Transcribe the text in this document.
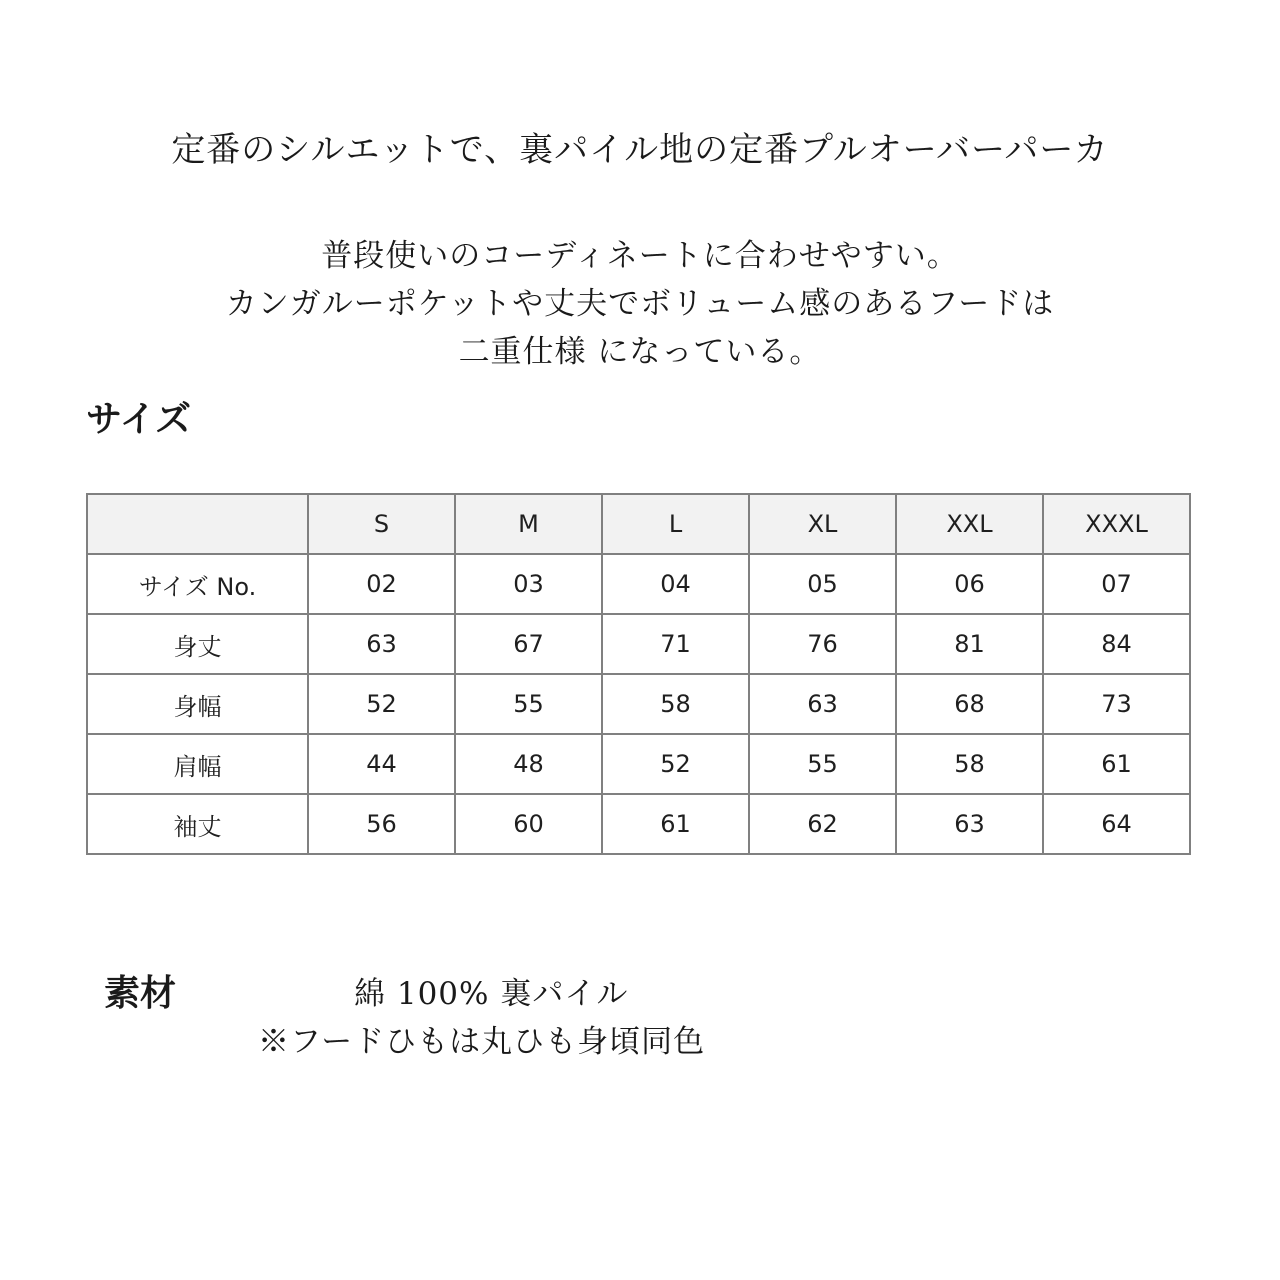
定番のシルエットで、裏パイル地の定番プルオーバーパーカ
普段使いのコーディネートに合わせやすい。
カンガルーポケットや丈夫でボリューム感のあるフードは
二重仕様 になっている。
サイズ
	S	M	L	XL	XXL	XXXL
サイズ No.	02	03	04	05	06	07
身丈	63	67	71	76	81	84
身幅	52	55	58	63	68	73
肩幅	44	48	52	55	58	61
袖丈	56	60	61	62	63	64
素材	綿 100% 裏パイル
※フードひもは丸ひも身頃同色
